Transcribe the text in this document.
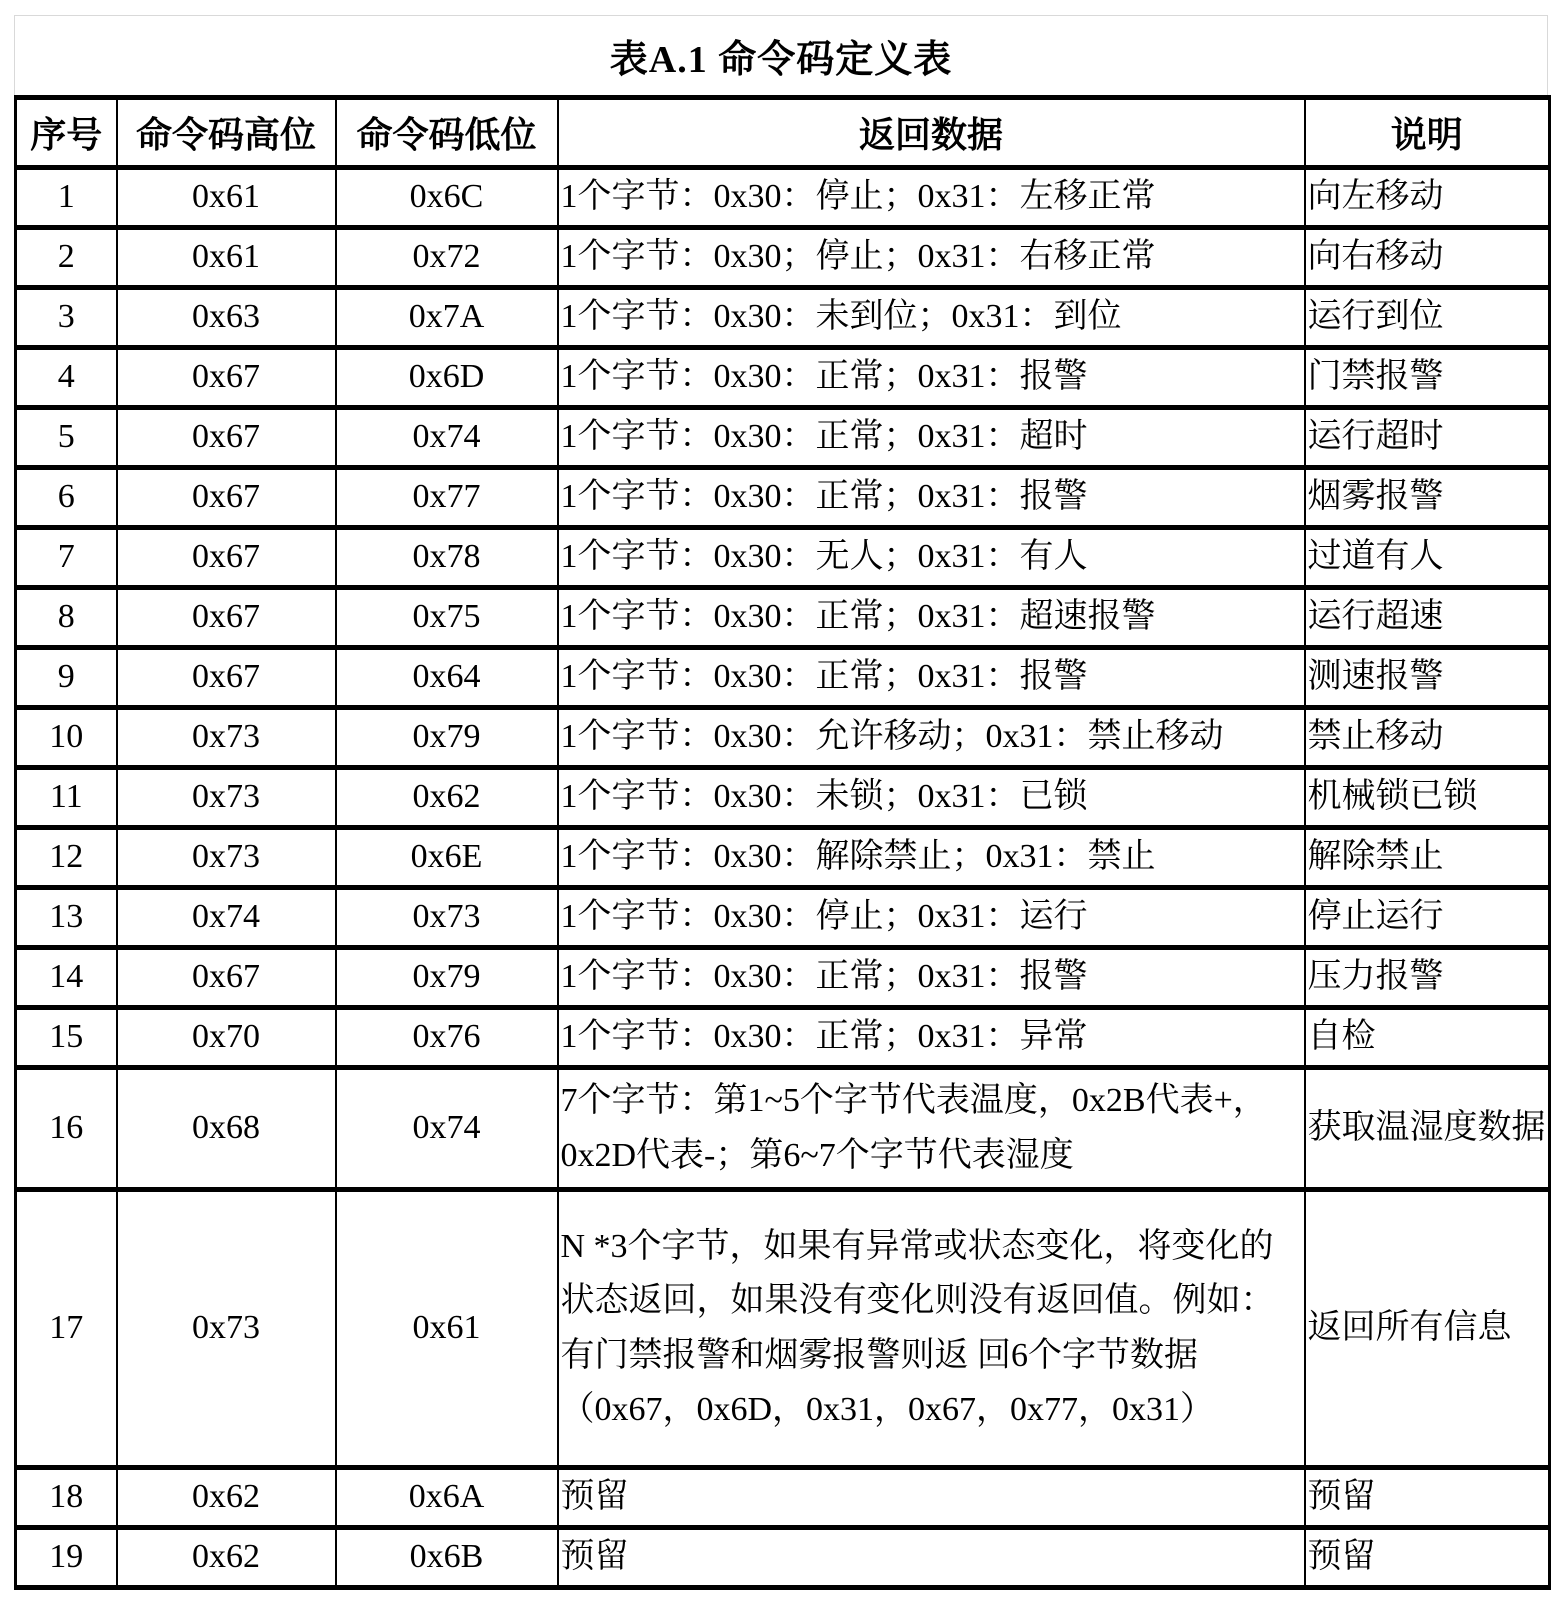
表A.1 命令码定义表
序号	命令码高位	命令码低位	返回数据	说明
1	0x61	0x6C	1个字节：0x30：停止；0x31：左移正常	向左移动
2	0x61	0x72	1个字节：0x30；停止；0x31：右移正常	向右移动
3	0x63	0x7A	1个字节：0x30：未到位；0x31：到位	运行到位
4	0x67	0x6D	1个字节：0x30：正常；0x31：报警	门禁报警
5	0x67	0x74	1个字节：0x30：正常；0x31：超时	运行超时
6	0x67	0x77	1个字节：0x30：正常；0x31：报警	烟雾报警
7	0x67	0x78	1个字节：0x30：无人；0x31：有人	过道有人
8	0x67	0x75	1个字节：0x30：正常；0x31：超速报警	运行超速
9	0x67	0x64	1个字节：0x30：正常；0x31：报警	测速报警
10	0x73	0x79	1个字节：0x30：允许移动；0x31：禁止移动	禁止移动
11	0x73	0x62	1个字节：0x30：未锁；0x31：已锁	机械锁已锁
12	0x73	0x6E	1个字节：0x30：解除禁止；0x31：禁止	解除禁止
13	0x74	0x73	1个字节：0x30：停止；0x31：运行	停止运行
14	0x67	0x79	1个字节：0x30：正常；0x31：报警	压力报警
15	0x70	0x76	1个字节：0x30：正常；0x31：异常	自检
16	0x68	0x74	7个字节：第1~5个字节代表温度，0x2B代表+，0x2D代表-；第6~7个字节代表湿度	获取温湿度数据
17	0x73	0x61	N *3个字节，如果有异常或状态变化，将变化的状态返回，如果没有变化则没有返回值。例如：有门禁报警和烟雾报警则返 回6个字节数据（0x67，0x6D，0x31，0x67，0x77，0x31）	返回所有信息
18	0x62	0x6A	预留	预留
19	0x62	0x6B	预留	预留
